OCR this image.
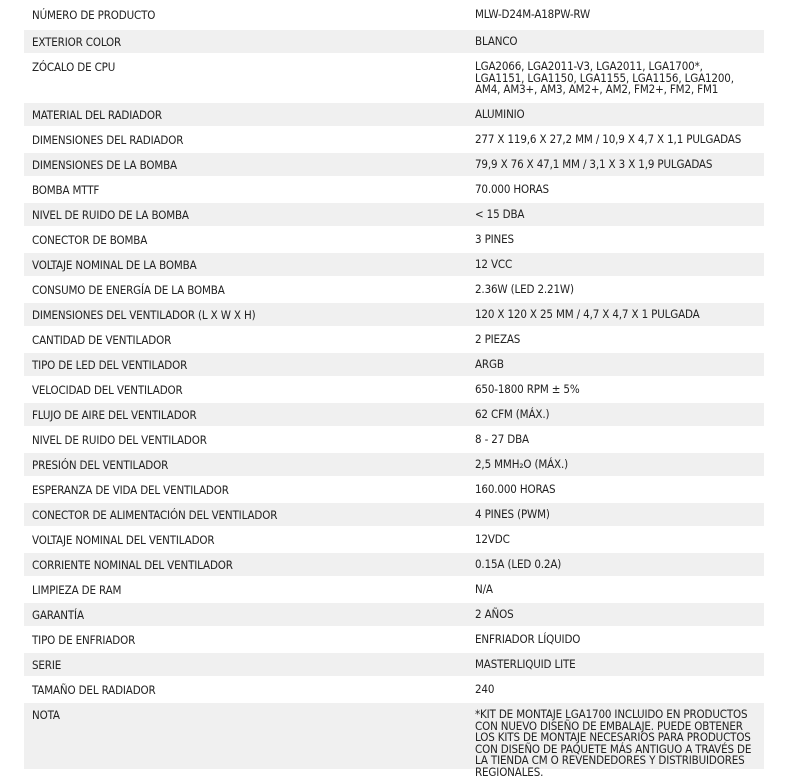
NÚMERO DE PRODUCTO	MLW-D24M-A18PW-RW
EXTERIOR COLOR	BLANCO
ZÓCALO DE CPU	LGA2066, LGA2011-V3, LGA2011, LGA1700*, LGA1151, LGA1150, LGA1155, LGA1156, LGA1200, AM4, AM3+, AM3, AM2+, AM2, FM2+, FM2, FM1
MATERIAL DEL RADIADOR	ALUMINIO
DIMENSIONES DEL RADIADOR	277 X 119,6 X 27,2 MM / 10,9 X 4,7 X 1,1 PULGADAS
DIMENSIONES DE LA BOMBA	79,9 X 76 X 47,1 MM / 3,1 X 3 X 1,9 PULGADAS
BOMBA MTTF	70.000 HORAS
NIVEL DE RUIDO DE LA BOMBA	< 15 DBA
CONECTOR DE BOMBA	3 PINES
VOLTAJE NOMINAL DE LA BOMBA	12 VCC
CONSUMO DE ENERGÍA DE LA BOMBA	2.36W (LED 2.21W)
DIMENSIONES DEL VENTILADOR (L X W X H)	120 X 120 X 25 MM / 4,7 X 4,7 X 1 PULGADA
CANTIDAD DE VENTILADOR	2 PIEZAS
TIPO DE LED DEL VENTILADOR	ARGB
VELOCIDAD DEL VENTILADOR	650-1800 RPM ± 5%
FLUJO DE AIRE DEL VENTILADOR	62 CFM (MÁX.)
NIVEL DE RUIDO DEL VENTILADOR	8 - 27 DBA
PRESIÓN DEL VENTILADOR	2,5 MMH₂O (MÁX.)
ESPERANZA DE VIDA DEL VENTILADOR	160.000 HORAS
CONECTOR DE ALIMENTACIÓN DEL VENTILADOR	4 PINES (PWM)
VOLTAJE NOMINAL DEL VENTILADOR	12VDC
CORRIENTE NOMINAL DEL VENTILADOR	0.15A (LED 0.2A)
LIMPIEZA DE RAM	N/A
GARANTÍA	2 AÑOS
TIPO DE ENFRIADOR	ENFRIADOR LÍQUIDO
SERIE	MASTERLIQUID LITE
TAMAÑO DEL RADIADOR	240
NOTA	*KIT DE MONTAJE LGA1700 INCLUIDO EN PRODUCTOS CON NUEVO DISEÑO DE EMBALAJE. PUEDE OBTENER LOS KITS DE MONTAJE NECESARIOS PARA PRODUCTOS CON DISEÑO DE PAQUETE MÁS ANTIGUO A TRAVÉS DE LA TIENDA CM O REVENDEDORES Y DISTRIBUIDORES REGIONALES.
